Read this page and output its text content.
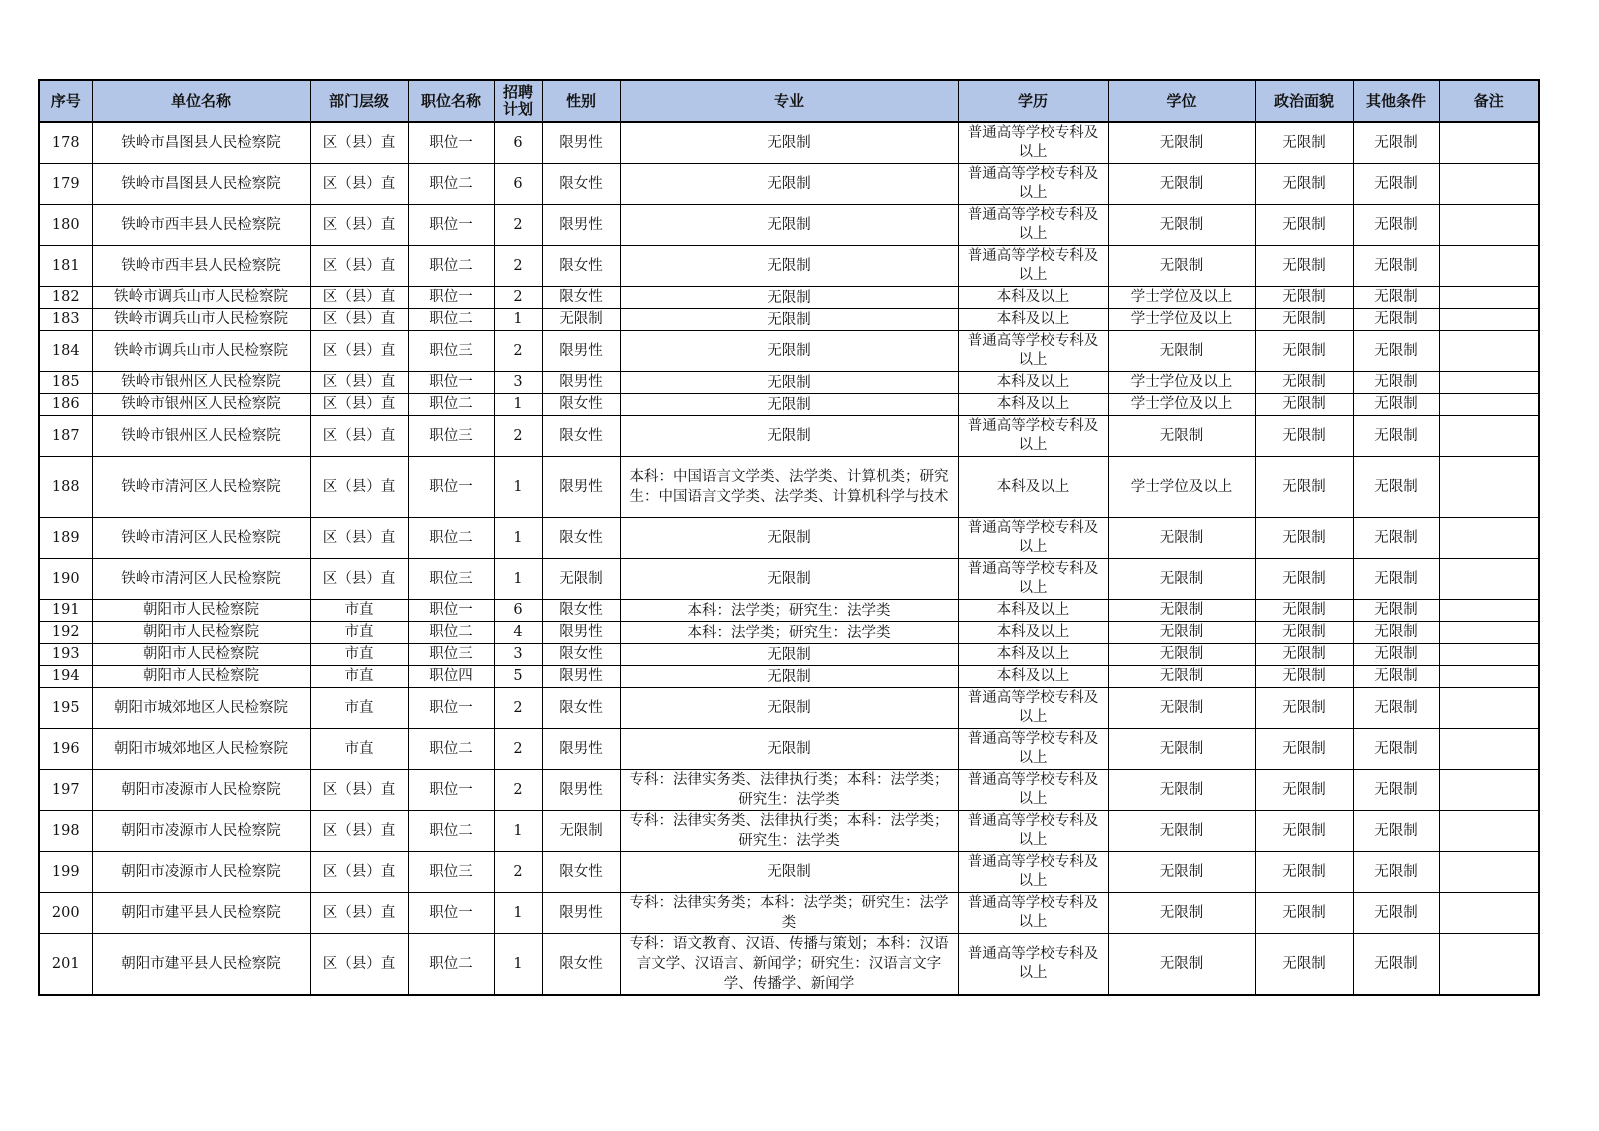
序号	单位名称	部门层级	职位名称	招聘计划	性别	专业	学历	学位	政治面貌	其他条件	备注
178	铁岭市昌图县人民检察院	区（县）直	职位一	6	限男性	无限制	普通高等学校专科及以上	无限制	无限制	无限制	
179	铁岭市昌图县人民检察院	区（县）直	职位二	6	限女性	无限制	普通高等学校专科及以上	无限制	无限制	无限制	
180	铁岭市西丰县人民检察院	区（县）直	职位一	2	限男性	无限制	普通高等学校专科及以上	无限制	无限制	无限制	
181	铁岭市西丰县人民检察院	区（县）直	职位二	2	限女性	无限制	普通高等学校专科及以上	无限制	无限制	无限制	
182	铁岭市调兵山市人民检察院	区（县）直	职位一	2	限女性	无限制	本科及以上	学士学位及以上	无限制	无限制	
183	铁岭市调兵山市人民检察院	区（县）直	职位二	1	无限制	无限制	本科及以上	学士学位及以上	无限制	无限制	
184	铁岭市调兵山市人民检察院	区（县）直	职位三	2	限男性	无限制	普通高等学校专科及以上	无限制	无限制	无限制	
185	铁岭市银州区人民检察院	区（县）直	职位一	3	限男性	无限制	本科及以上	学士学位及以上	无限制	无限制	
186	铁岭市银州区人民检察院	区（县）直	职位二	1	限女性	无限制	本科及以上	学士学位及以上	无限制	无限制	
187	铁岭市银州区人民检察院	区（县）直	职位三	2	限女性	无限制	普通高等学校专科及以上	无限制	无限制	无限制	
188	铁岭市清河区人民检察院	区（县）直	职位一	1	限男性	本科：中国语言文学类、法学类、计算机类；研究生：中国语言文学类、法学类、计算机科学与技术	本科及以上	学士学位及以上	无限制	无限制	
189	铁岭市清河区人民检察院	区（县）直	职位二	1	限女性	无限制	普通高等学校专科及以上	无限制	无限制	无限制	
190	铁岭市清河区人民检察院	区（县）直	职位三	1	无限制	无限制	普通高等学校专科及以上	无限制	无限制	无限制	
191	朝阳市人民检察院	市直	职位一	6	限女性	本科：法学类；研究生：法学类	本科及以上	无限制	无限制	无限制	
192	朝阳市人民检察院	市直	职位二	4	限男性	本科：法学类；研究生：法学类	本科及以上	无限制	无限制	无限制	
193	朝阳市人民检察院	市直	职位三	3	限女性	无限制	本科及以上	无限制	无限制	无限制	
194	朝阳市人民检察院	市直	职位四	5	限男性	无限制	本科及以上	无限制	无限制	无限制	
195	朝阳市城郊地区人民检察院	市直	职位一	2	限女性	无限制	普通高等学校专科及以上	无限制	无限制	无限制	
196	朝阳市城郊地区人民检察院	市直	职位二	2	限男性	无限制	普通高等学校专科及以上	无限制	无限制	无限制	
197	朝阳市凌源市人民检察院	区（县）直	职位一	2	限男性	专科：法律实务类、法律执行类；本科：法学类；研究生：法学类	普通高等学校专科及以上	无限制	无限制	无限制	
198	朝阳市凌源市人民检察院	区（县）直	职位二	1	无限制	专科：法律实务类、法律执行类；本科：法学类；研究生：法学类	普通高等学校专科及以上	无限制	无限制	无限制	
199	朝阳市凌源市人民检察院	区（县）直	职位三	2	限女性	无限制	普通高等学校专科及以上	无限制	无限制	无限制	
200	朝阳市建平县人民检察院	区（县）直	职位一	1	限男性	专科：法律实务类；本科：法学类；研究生：法学类	普通高等学校专科及以上	无限制	无限制	无限制	
201	朝阳市建平县人民检察院	区（县）直	职位二	1	限女性	专科：语文教育、汉语、传播与策划；本科：汉语言文学、汉语言、新闻学；研究生：汉语言文字学、传播学、新闻学	普通高等学校专科及以上	无限制	无限制	无限制	
